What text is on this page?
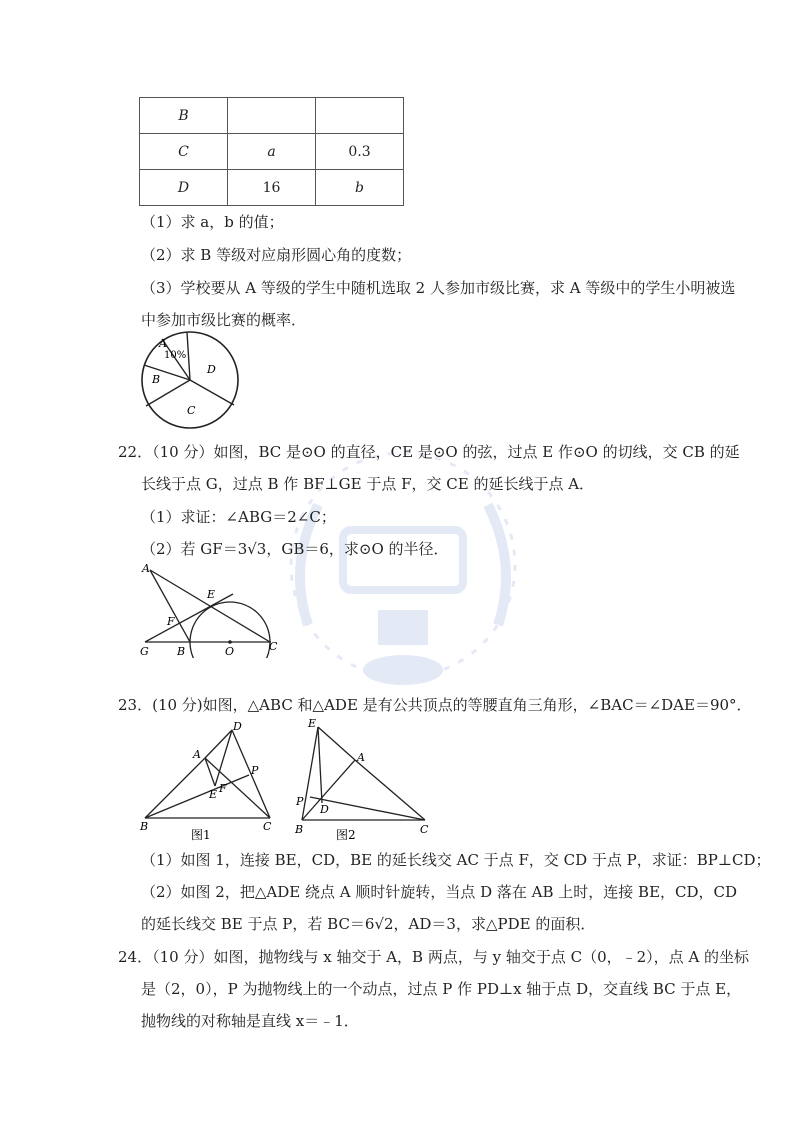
B		
C	a	0.3
D	16	b
（1）求 a，b 的值；
（2）求 B 等级对应扇形圆心角的度数；
（3）学校要从 A 等级的学生中随机选取 2 人参加市级比赛，求 A 等级中的学生小明被选
中参加市级比赛的概率．
A
10%
B
C
D
22．（10 分）如图，BC 是⊙O 的直径，CE 是⊙O 的弦，过点 E 作⊙O 的切线，交 CB 的延
长线于点 G，过点 B 作 BF⊥GE 于点 F，交 CE 的延长线于点 A．
（1）求证：∠ABG＝2∠C；
（2）若 GF＝3√3，GB＝6，求⊙O 的半径．
A
E
F
G	B	O	C
23．(10 分)如图，△ABC 和△ADE 是有公共顶点的等腰直角三角形，∠BAC＝∠DAE＝90°．
D
A
P
E F
B	C
图1
E
A
P
D
B	C
图2
（1）如图 1，连接 BE，CD，BE 的延长线交 AC 于点 F，交 CD 于点 P，求证：BP⊥CD；
（2）如图 2，把△ADE 绕点 A 顺时针旋转，当点 D 落在 AB 上时，连接 BE，CD，CD
的延长线交 BE 于点 P，若 BC＝6√2，AD＝3，求△PDE 的面积．
24．（10 分）如图，抛物线与 x 轴交于 A，B 两点，与 y 轴交于点 C（0，﹣2），点 A 的坐标
是（2，0），P 为抛物线上的一个动点，过点 P 作 PD⊥x 轴于点 D，交直线 BC 于点 E，
抛物线的对称轴是直线 x＝﹣1．
